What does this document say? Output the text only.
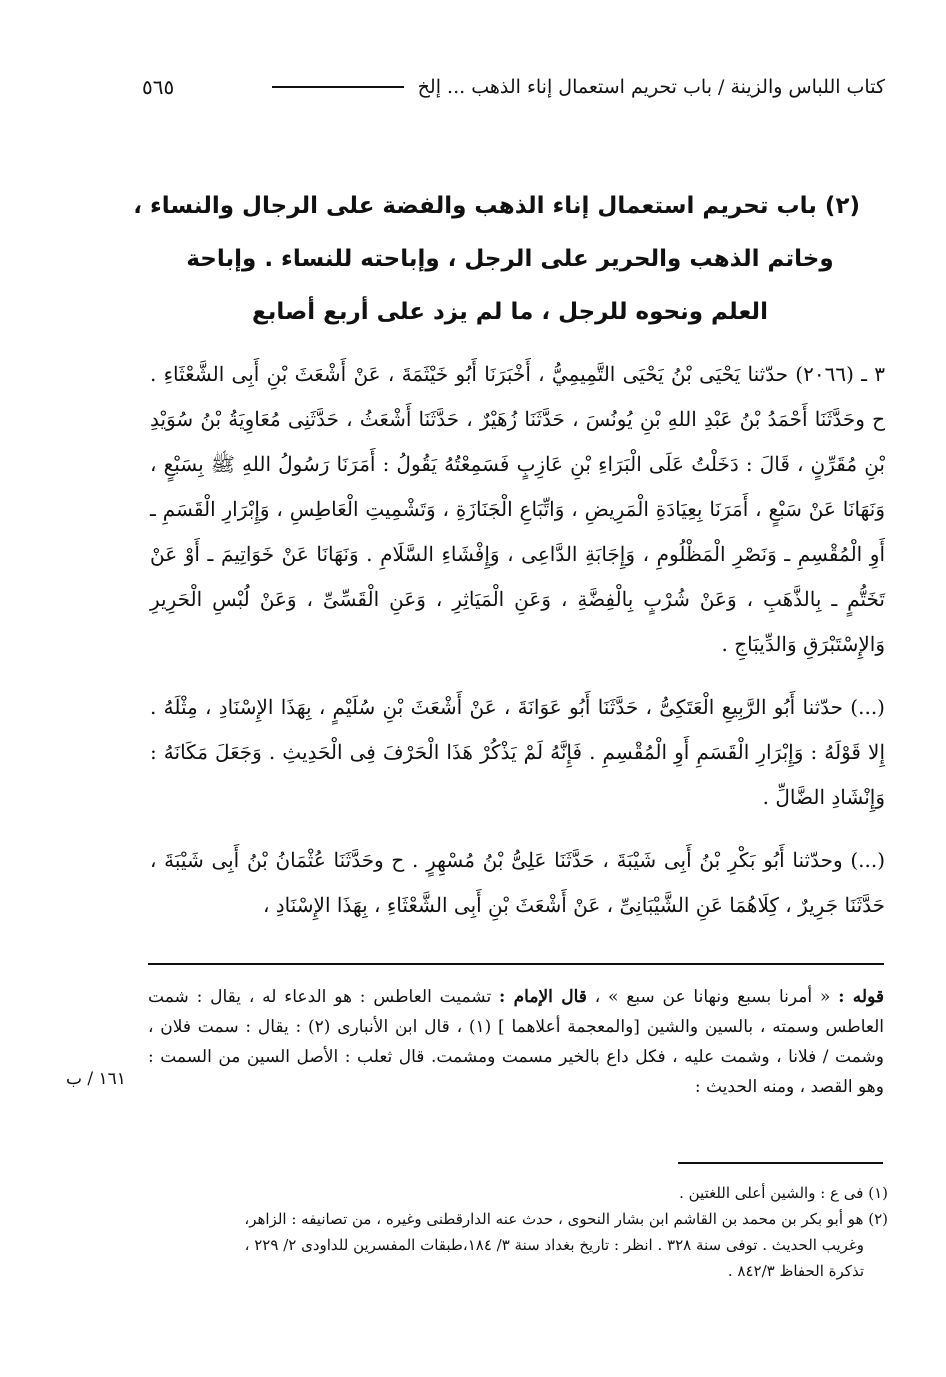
كتاب اللباس والزينة / باب تحريم استعمال إناء الذهب ... إلخ
٥٦٥
(٢) باب تحريم استعمال إناء الذهب والفضة على الرجال والنساء ،
وخاتم الذهب والحرير على الرجل ، وإباحته للنساء . وإباحة
العلم ونحوه للرجل ، ما لم يزد على أربع أصابع

٣ ـ (٢٠٦٦) حدّثنا يَحْيَى بْنُ يَحْيَى التَّمِيمِيُّ ، أَخْبَرَنَا أَبُو خَيْثَمَةَ ، عَنْ أَشْعَثَ بْنِ أَبِى الشَّعْثَاءِ . ح وحَدَّثَنَا أَحْمَدُ بْنُ عَبْدِ اللهِ بْنِ يُونُسَ ، حَدَّثَنَا زُهَيْرٌ ، حَدَّثَنَا أَشْعَثُ ، حَدَّثَنِى مُعَاوِيَةُ بْنُ سُوَيْدِ بْنِ مُقَرِّنٍ ، قَالَ : دَخَلْتُ عَلَى الْبَرَاءِ بْنِ عَازِبٍ فَسَمِعْتُهُ يَقُولُ : أَمَرَنَا رَسُولُ اللهِ ﷺ بِسَبْعٍ ، وَنَهَانَا عَنْ سَبْعٍ ، أَمَرَنَا بِعِيَادَةِ الْمَرِيضِ ، وَاتِّبَاعِ الْجَنَازَةِ ، وَتَشْمِيتِ الْعَاطِسِ ، وَإِبْرَارِ الْقَسَمِ ـ أَوِ الْمُقْسِمِ ـ وَنَصْرِ الْمَظْلُومِ ، وَإِجَابَةِ الدَّاعِى ، وَإِفْشَاءِ السَّلَامِ . وَنَهَانَا عَنْ خَوَاتِيمَ ـ أَوْ عَنْ تَخَتُّمٍ ـ بِالذَّهَبِ ، وَعَنْ شُرْبٍ بِالْفِضَّةِ ، وَعَنِ الْمَيَاثِرِ ، وَعَنِ الْقَسِّىِّ ، وَعَنْ لُبْسِ الْحَرِيرِ وَالإِسْتَبْرَقِ وَالدِّيبَاجِ .

(...) حدّثنا أَبُو الرَّبِيعِ الْعَتَكِىُّ ، حَدَّثَنَا أَبُو عَوَانَةَ ، عَنْ أَشْعَثَ بْنِ سُلَيْمٍ ، بِهَذَا الإِسْنَادِ ، مِثْلَهُ . إِلا قَوْلَهُ : وَإِبْرَارِ الْقَسَمِ أَوِ الْمُقْسِمِ . فَإِنَّهُ لَمْ يَذْكُرْ هَذَا الْحَرْفَ فِى الْحَدِيثِ . وَجَعَلَ مَكَانَهُ : وَإِنْشَادِ الضَّالِّ .

(...) وحدّثنا أَبُو بَكْرِ بْنُ أَبِى شَيْبَةَ ، حَدَّثَنَا عَلِىُّ بْنُ مُسْهِرٍ . ح وحَدَّثَنَا عُثْمَانُ بْنُ أَبِى شَيْبَةَ ، حَدَّثَنَا جَرِيرٌ ، كِلَاهُمَا عَنِ الشَّيْبَانِىِّ ، عَنْ أَشْعَثَ بْنِ أَبِى الشَّعْثَاءِ ، بِهَذَا الإِسْنَادِ ،

قوله : « أمرنا بسبع ونهانا عن سبع » ، قال الإمام : تشميت العاطس : هو الدعاء له ، يقال : شمت العاطس وسمته ، بالسين والشين [والمعجمة أعلاهما ] (١) ، قال ابن الأنبارى (٢) : يقال : سمت فلان ، وشمت / فلانا ، وشمت عليه ، فكل داع بالخير مسمت ومشمت. قال ثعلب : الأصل السين من السمت : وهو القصد ، ومنه الحديث :
١٦١ / ب
(١) فى ع : والشين أعلى اللغتين .
(٢) هو أبو بكر بن محمد بن القاشم ابن بشار النحوى ، حدث عنه الدارقطنى وغيره ، من تصانيفه : الزاهر،
وغريب الحديث . توفى سنة ٣٢٨ . انظر : تاريخ بغداد سنة ٣/ ١٨٤،طبقات المفسرين للداودى ٢/ ٢٢٩ ،
تذكرة الحفاظ ٨٤٢/٣ .
